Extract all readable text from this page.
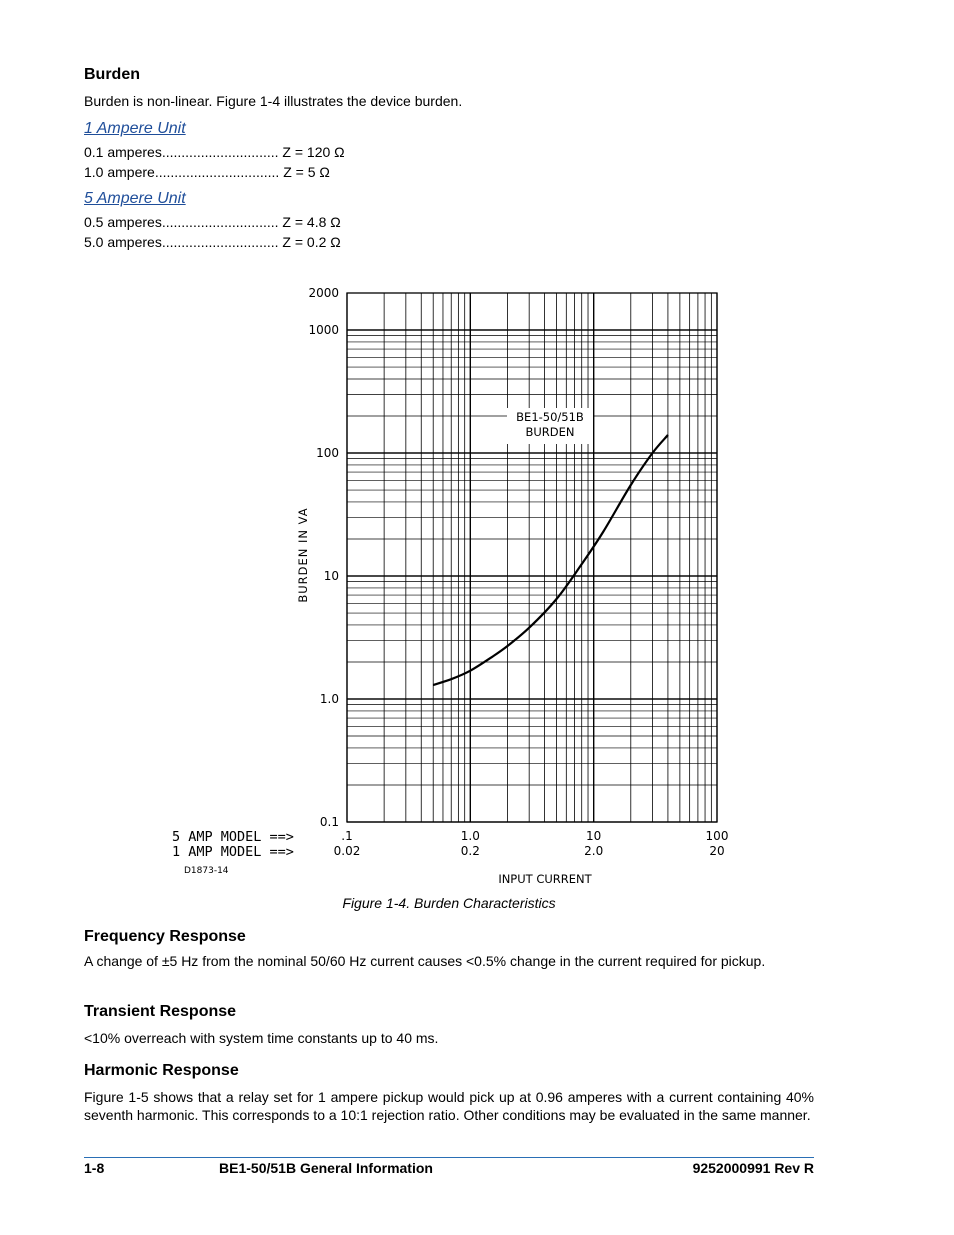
Burden
Burden is non-linear. Figure 1-4 illustrates the device burden.
1 Ampere Unit
0.1 amperes.............................. Z = 120 Ω
1.0 ampere................................ Z = 5 Ω
5 Ampere Unit
0.5 amperes.............................. Z = 4.8 Ω
5.0 amperes.............................. Z = 0.2 Ω
2000
1000
100
10
1.0
0.1
.1	1.0	10	100
0.02	0.2	2.0	20
BE1-50/51B
BURDEN
BURDEN IN VA
INPUT CURRENT
5 AMP MODEL ==>
1 AMP MODEL ==>
D1873-14
Figure 1-4. Burden Characteristics
Frequency Response
A change of ±5 Hz from the nominal 50/60 Hz current causes <0.5% change in the current required for pickup.
Transient Response
<10% overreach with system time constants up to 40 ms.
Harmonic Response
Figure 1-5 shows that a relay set for 1 ampere pickup would pick up at 0.96 amperes with a current containing 40% seventh harmonic. This corresponds to a 10:1 rejection ratio. Other conditions may be evaluated in the same manner.
1-8	BE1-50/51B General Information	9252000991 Rev R
